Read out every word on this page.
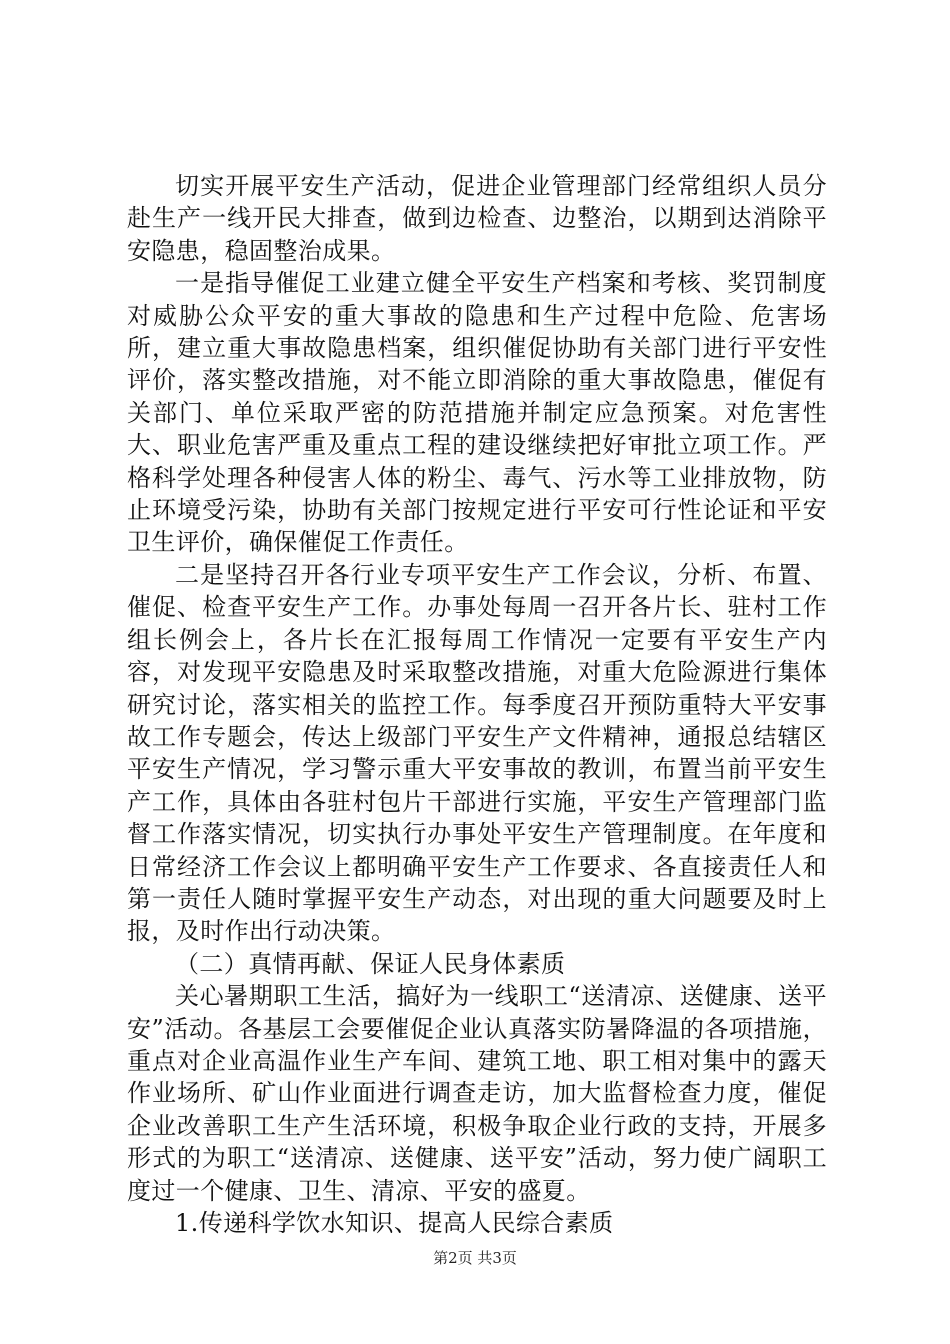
切实开展平安生产活动，促进企业管理部门经常组织人员分赴生产一线开民大排查，做到边检查、边整治，以期到达消除平安隐患，稳固整治成果。

一是指导催促工业建立健全平安生产档案和考核、奖罚制度对威胁公众平安的重大事故的隐患和生产过程中危险、危害场所，建立重大事故隐患档案，组织催促协助有关部门进行平安性评价，落实整改措施，对不能立即消除的重大事故隐患，催促有关部门、单位采取严密的防范措施并制定应急预案。对危害性大、职业危害严重及重点工程的建设继续把好审批立项工作。严格科学处理各种侵害人体的粉尘、毒气、污水等工业排放物，防止环境受污染，协助有关部门按规定进行平安可行性论证和平安卫生评价，确保催促工作责任。

二是坚持召开各行业专项平安生产工作会议，分析、布置、催促、检查平安生产工作。办事处每周一召开各片长、驻村工作组长例会上，各片长在汇报每周工作情况一定要有平安生产内容，对发现平安隐患及时采取整改措施，对重大危险源进行集体研究讨论，落实相关的监控工作。每季度召开预防重特大平安事故工作专题会，传达上级部门平安生产文件精神，通报总结辖区平安生产情况，学习警示重大平安事故的教训，布置当前平安生产工作，具体由各驻村包片干部进行实施，平安生产管理部门监督工作落实情况，切实执行办事处平安生产管理制度。在年度和日常经济工作会议上都明确平安生产工作要求、各直接责任人和第一责任人随时掌握平安生产动态，对出现的重大问题要及时上报，及时作出行动决策。

（二）真情再献、保证人民身体素质

关心暑期职工生活，搞好为一线职工“送清凉、送健康、送平安”活动。各基层工会要催促企业认真落实防暑降温的各项措施，重点对企业高温作业生产车间、建筑工地、职工相对集中的露天作业场所、矿山作业面进行调查走访，加大监督检查力度，催促企业改善职工生产生活环境，积极争取企业行政的支持，开展多形式的为职工“送清凉、送健康、送平安”活动，努力使广阔职工度过一个健康、卫生、清凉、平安的盛夏。

1.传递科学饮水知识、提高人民综合素质

第2页 共3页
